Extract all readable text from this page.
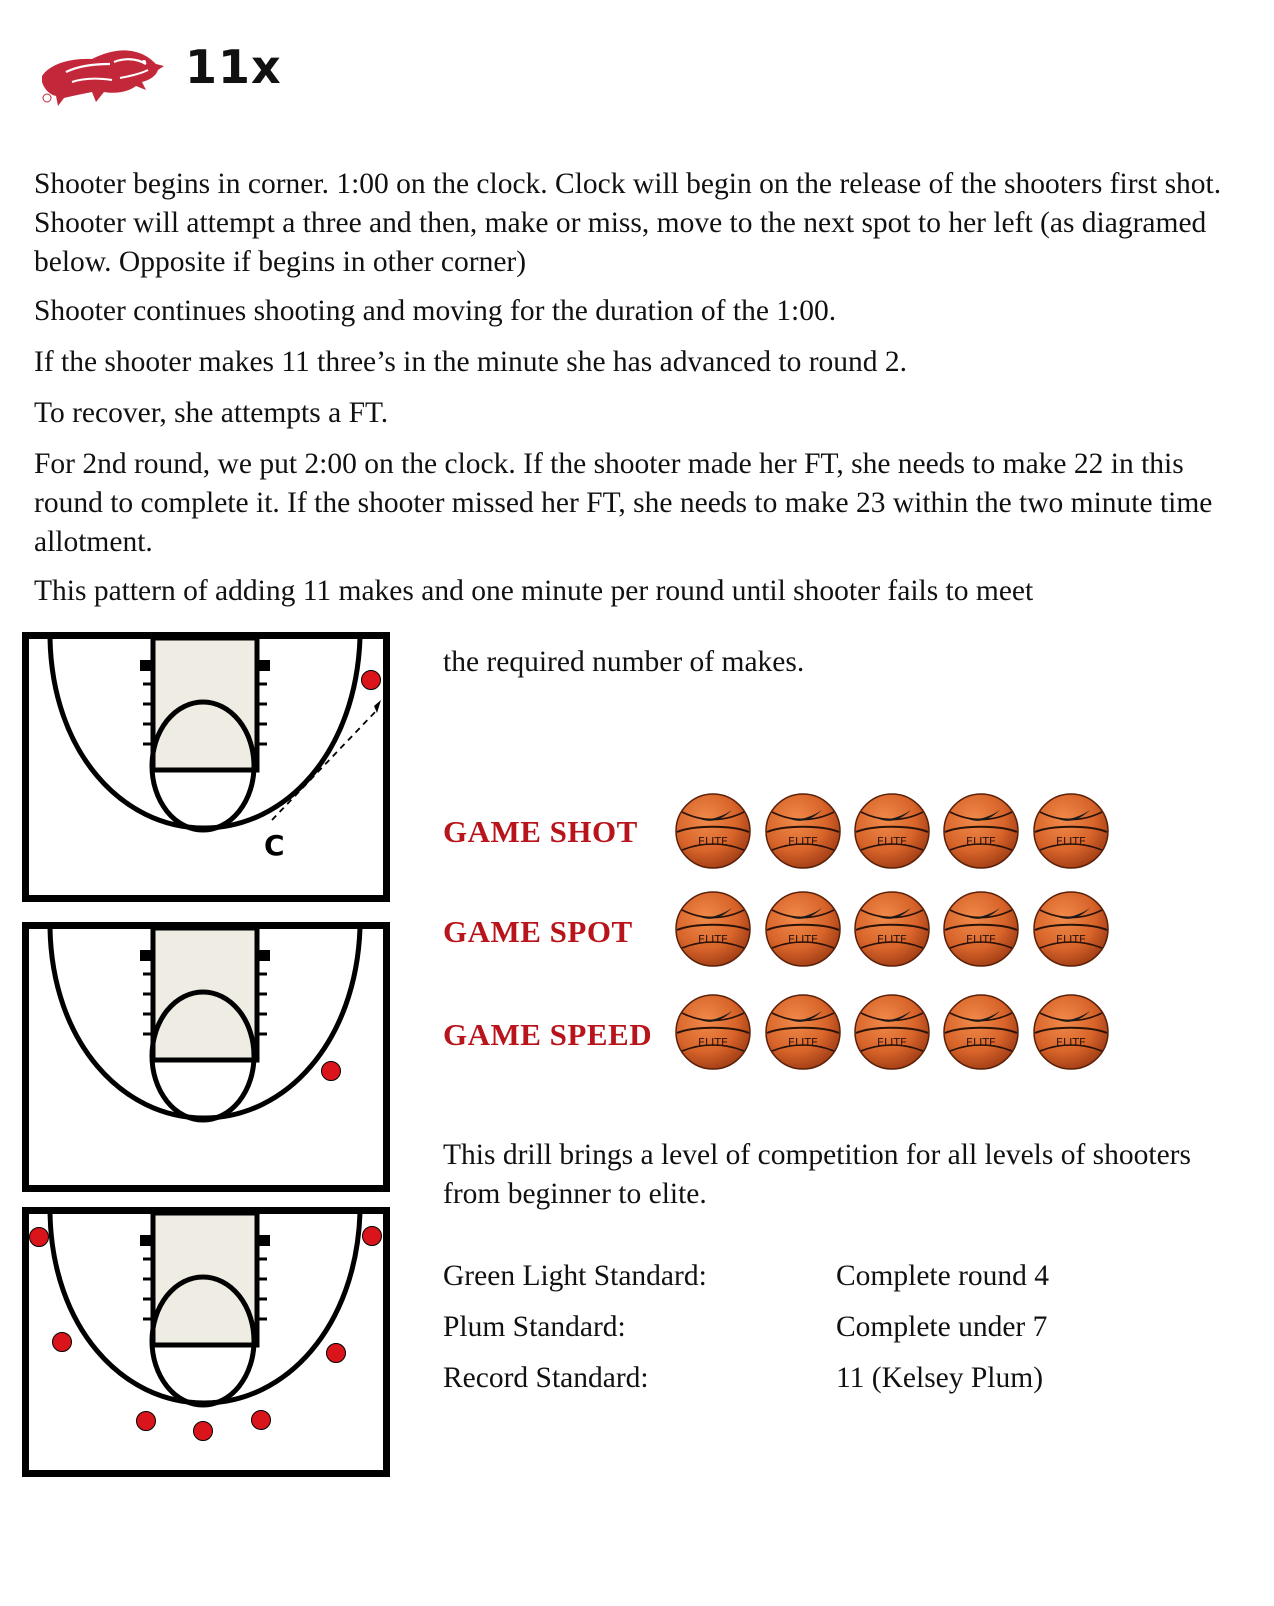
11x

Shooter begins in corner. 1:00 on the clock. Clock will begin on the release of the shooters first shot. Shooter will attempt a three and then, make or miss, move to the next spot to her left (as diagramed below. Opposite if begins in other corner)

Shooter continues shooting and moving for the duration of the 1:00.

If the shooter makes 11 three’s in the minute she has advanced to round 2.

To recover, she attempts a FT.

For 2nd round, we put 2:00 on the clock. If the shooter made her FT, she needs to make 22 in this round to complete it. If the shooter missed her FT, she needs to make 23 within the two minute time allotment.

This pattern of adding 11 makes and one minute per round until shooter fails to meet

C
the required number of makes.
GAME SHOT
GAME SPOT
GAME SPEED

This drill brings a level of competition for all levels of shooters from beginner to elite.

Green Light Standard:	Complete round 4
Plum Standard:	Complete under 7
Record Standard:	11 (Kelsey Plum)
